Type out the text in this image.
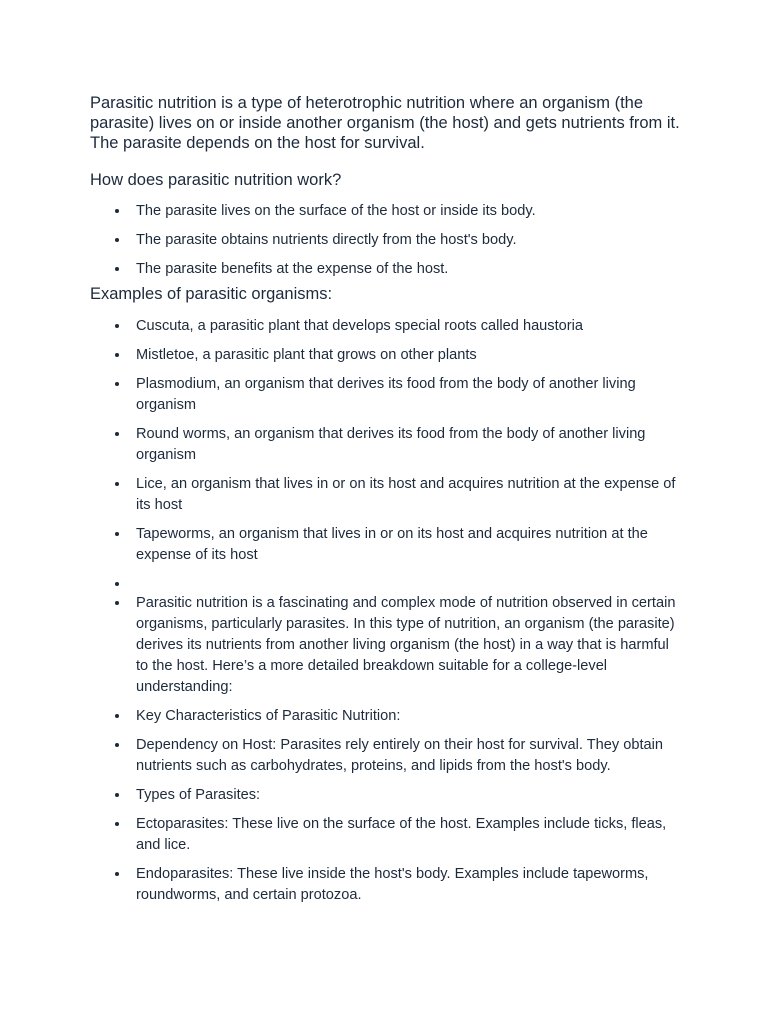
Parasitic nutrition is a type of heterotrophic nutrition where an organism (the parasite) lives on or inside another organism (the host) and gets nutrients from it. The parasite depends on the host for survival.

How does parasitic nutrition work?
The parasite lives on the surface of the host or inside its body.
The parasite obtains nutrients directly from the host's body.
The parasite benefits at the expense of the host.
Examples of parasitic organisms:
Cuscuta, a parasitic plant that develops special roots called haustoria
Mistletoe, a parasitic plant that grows on other plants
Plasmodium, an organism that derives its food from the body of another living organism
Round worms, an organism that derives its food from the body of another living organism
Lice, an organism that lives in or on its host and acquires nutrition at the expense of its host
Tapeworms, an organism that lives in or on its host and acquires nutrition at the expense of its host
Parasitic nutrition is a fascinating and complex mode of nutrition observed in certain organisms, particularly parasites. In this type of nutrition, an organism (the parasite) derives its nutrients from another living organism (the host) in a way that is harmful to the host. Here’s a more detailed breakdown suitable for a college-level understanding:
Key Characteristics of Parasitic Nutrition:
Dependency on Host: Parasites rely entirely on their host for survival. They obtain nutrients such as carbohydrates, proteins, and lipids from the host's body.
Types of Parasites:
Ectoparasites: These live on the surface of the host. Examples include ticks, fleas, and lice.
Endoparasites: These live inside the host's body. Examples include tapeworms, roundworms, and certain protozoa.
